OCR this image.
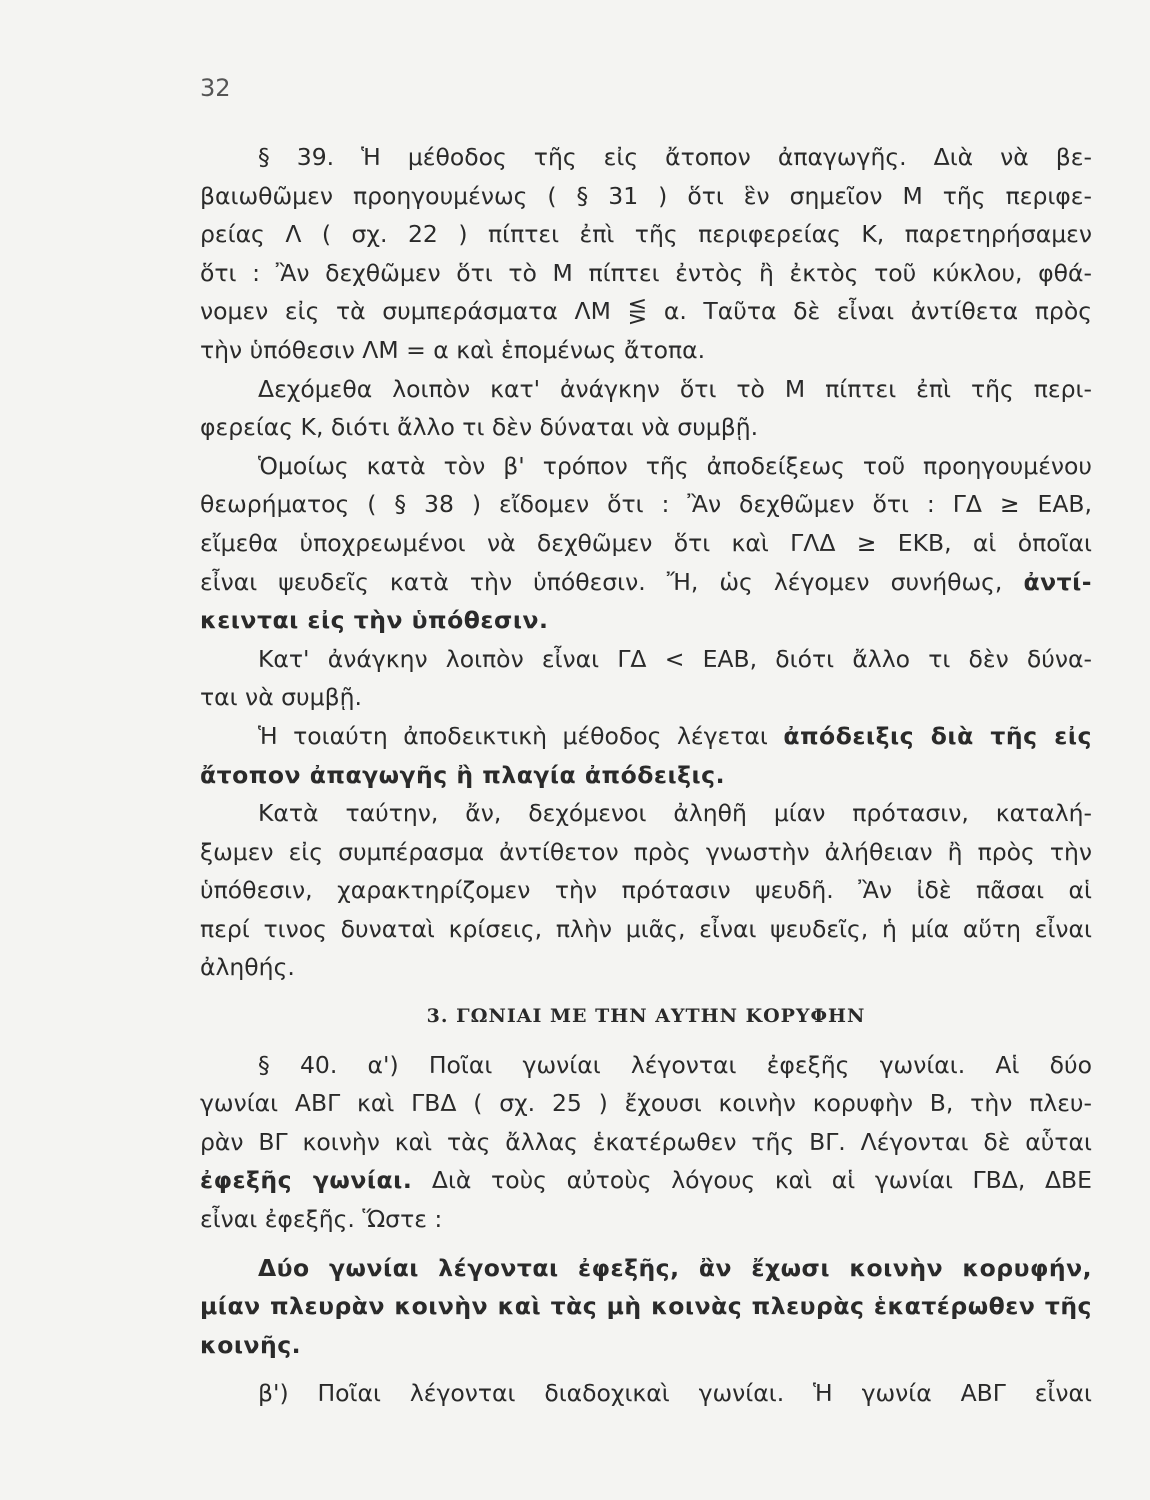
32
§ 39. Ἡ μέθοδος τῆς εἰς ἄτοπον ἀπαγωγῆς. Διὰ νὰ βε-
βαιωθῶμεν προηγουμένως ( § 31 ) ὅτι ἓν σημεῖον Μ τῆς περιφε-
ρείας Λ ( σχ. 22 ) πίπτει ἐπὶ τῆς περιφερείας Κ, παρετηρήσαμεν
ὅτι : Ἂν δεχθῶμεν ὅτι τὸ Μ πίπτει ἐντὸς ἢ ἐκτὸς τοῦ κύκλου, φθά-
νομεν εἰς τὰ συμπεράσματα ΛΜ ⋚ α. Ταῦτα δὲ εἶναι ἀντίθετα πρὸς
τὴν ὑπόθεσιν ΛΜ = α καὶ ἑπομένως ἄτοπα.
Δεχόμεθα λοιπὸν κατ' ἀνάγκην ὅτι τὸ Μ πίπτει ἐπὶ τῆς περι-
φερείας Κ, διότι ἄλλο τι δὲν δύναται νὰ συμβῇ.
Ὁμοίως κατὰ τὸν β' τρόπον τῆς ἀποδείξεως τοῦ προηγουμένου
θεωρήματος ( § 38 ) εἴδομεν ὅτι : Ἂν δεχθῶμεν ὅτι : ΓΔ ≥ ΕΑΒ,
εἴμεθα ὑποχρεωμένοι νὰ δεχθῶμεν ὅτι καὶ ΓΛΔ ≥ ΕΚΒ, αἱ ὁποῖαι
εἶναι ψευδεῖς κατὰ τὴν ὑπόθεσιν. Ἤ, ὡς λέγομεν συνήθως, ἀντί-
κεινται εἰς τὴν ὑπόθεσιν.
Κατ' ἀνάγκην λοιπὸν εἶναι ΓΔ < ΕΑΒ, διότι ἄλλο τι δὲν δύνα-
ται νὰ συμβῇ.
Ἡ τοιαύτη ἀποδεικτικὴ μέθοδος λέγεται ἀπόδειξις διὰ τῆς εἰς
ἄτοπον ἀπαγωγῆς ἢ πλαγία ἀπόδειξις.
Κατὰ ταύτην, ἄν, δεχόμενοι ἀληθῆ μίαν πρότασιν, καταλή-
ξωμεν εἰς συμπέρασμα ἀντίθετον πρὸς γνωστὴν ἀλήθειαν ἢ πρὸς τὴν
ὑπόθεσιν, χαρακτηρίζομεν τὴν πρότασιν ψευδῆ. Ἂν ἰδὲ πᾶσαι αἱ
περί τινος δυναταὶ κρίσεις, πλὴν μιᾶς, εἶναι ψευδεῖς, ἡ μία αὕτη εἶναι
ἀληθής.
3. ΓΩΝΙΑΙ ΜΕ ΤΗΝ ΑΥΤΗΝ ΚΟΡΥΦΗΝ
§ 40. α') Ποῖαι γωνίαι λέγονται ἐφεξῆς γωνίαι. Αἱ δύο
γωνίαι ΑΒΓ καὶ ΓΒΔ ( σχ. 25 ) ἔχουσι κοινὴν κορυφὴν Β, τὴν πλευ-
ρὰν ΒΓ κοινὴν καὶ τὰς ἄλλας ἑκατέρωθεν τῆς ΒΓ. Λέγονται δὲ αὗται
ἐφεξῆς γωνίαι. Διὰ τοὺς αὐτοὺς λόγους καὶ αἱ γωνίαι ΓΒΔ, ΔΒΕ
εἶναι ἐφεξῆς. Ὥστε :
Δύο γωνίαι λέγονται ἐφεξῆς, ἂν ἔχωσι κοινὴν κορυφήν,
μίαν πλευρὰν κοινὴν καὶ τὰς μὴ κοινὰς πλευρὰς ἑκατέρωθεν τῆς
κοινῆς.
β') Ποῖαι λέγονται διαδοχικαὶ γωνίαι. Ἡ γωνία ΑΒΓ εἶναι
